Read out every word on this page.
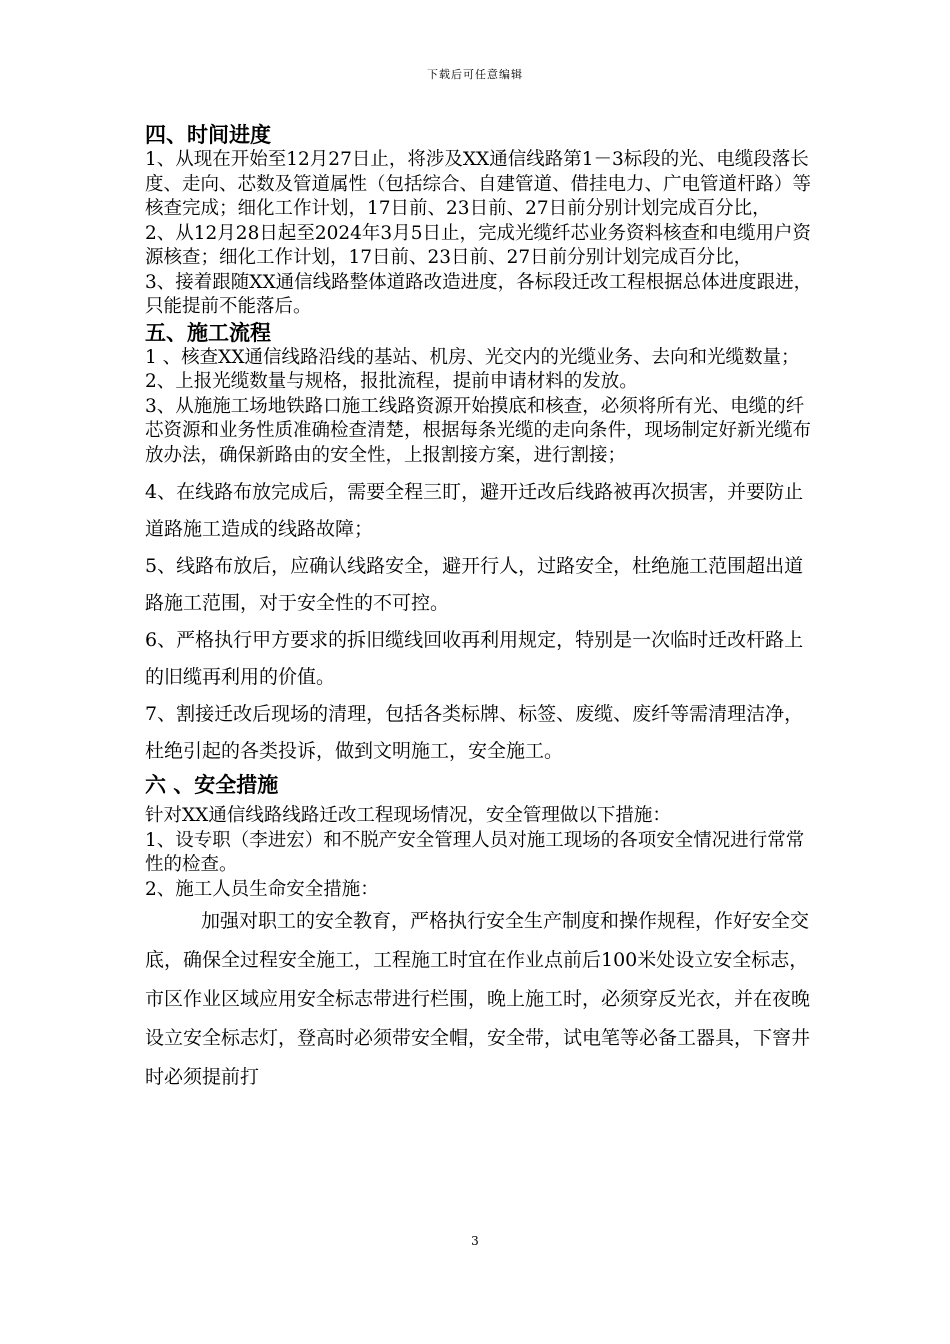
下载后可任意编辑
四、时间进度

1、从现在开始至12月27日止，将涉及XX通信线路第1－3标段的光、电缆段落长度、走向、芯数及管道属性（包括综合、自建管道、借挂电力、广电管道杆路）等核查完成；细化工作计划，17日前、23日前、27日前分别计划完成百分比，

2、从12月28日起至2024年3月5日止，完成光缆纤芯业务资料核查和电缆用户资源核查；细化工作计划，17日前、23日前、27日前分别计划完成百分比，

3、接着跟随XX通信线路整体道路改造进度，各标段迁改工程根据总体进度跟进，只能提前不能落后。

五、施工流程

1 、核查XX通信线路沿线的基站、机房、光交内的光缆业务、去向和光缆数量；

2、上报光缆数量与规格，报批流程，提前申请材料的发放。

3、从施施工场地铁路口施工线路资源开始摸底和核查，必须将所有光、电缆的纤芯资源和业务性质准确检查清楚，根据每条光缆的走向条件，现场制定好新光缆布放办法，确保新路由的安全性，上报割接方案，进行割接；

4、在线路布放完成后，需要全程三盯，避开迁改后线路被再次损害，并要防止道路施工造成的线路故障；

5、线路布放后，应确认线路安全，避开行人，过路安全，杜绝施工范围超出道路施工范围，对于安全性的不可控。

6、严格执行甲方要求的拆旧缆线回收再利用规定，特别是一次临时迁改杆路上的旧缆再利用的价值。

7、割接迁改后现场的清理，包括各类标牌、标签、废缆、废纤等需清理洁净，杜绝引起的各类投诉，做到文明施工，安全施工。

六 、安全措施

针对XX通信线路线路迁改工程现场情况，安全管理做以下措施：

1、设专职（李进宏）和不脱产安全管理人员对施工现场的各项安全情况进行常常性的检查。

2、施工人员生命安全措施：

加强对职工的安全教育，严格执行安全生产制度和操作规程，作好安全交底，确保全过程安全施工，工程施工时宜在作业点前后100米处设立安全标志，市区作业区域应用安全标志带进行栏围，晚上施工时，必须穿反光衣，并在夜晚设立安全标志灯，登高时必须带安全帽，安全带，试电笔等必备工器具，下窨井时必须提前打

3
